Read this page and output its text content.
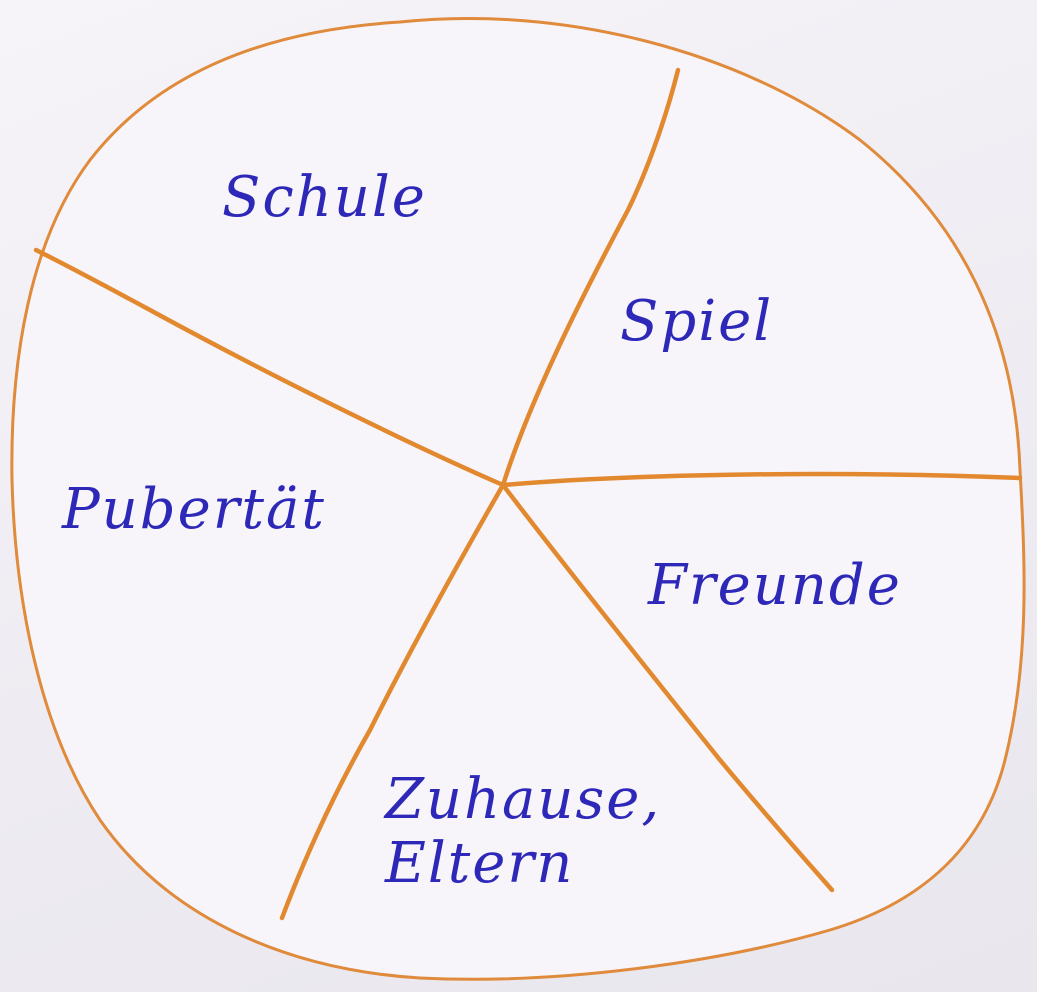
Schule
Spiel
Freunde
Zuhause,
Eltern
Pubertät
